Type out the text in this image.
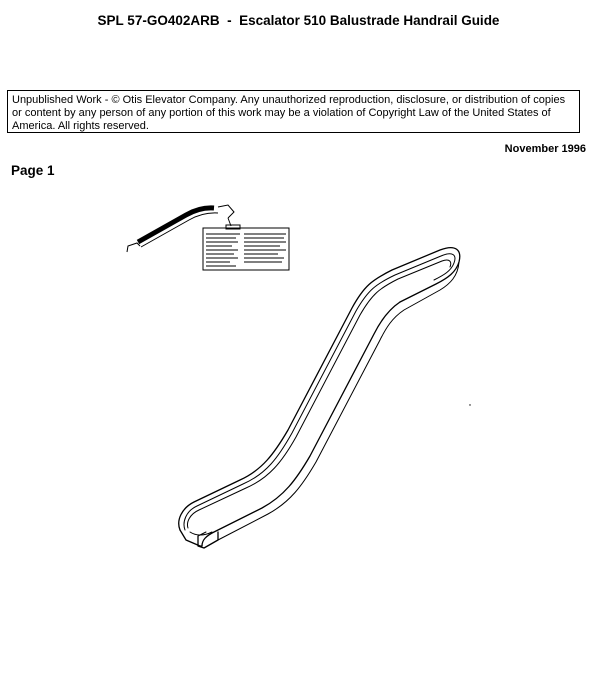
SPL 57-GO402ARB  -  Escalator 510 Balustrade Handrail Guide
Unpublished Work - © Otis Elevator Company. Any unauthorized reproduction, disclosure, or distribution of copies or content by any person of any portion of this work may be a violation of Copyright Law of the United States of America. All rights reserved.
November 1996
Page 1
